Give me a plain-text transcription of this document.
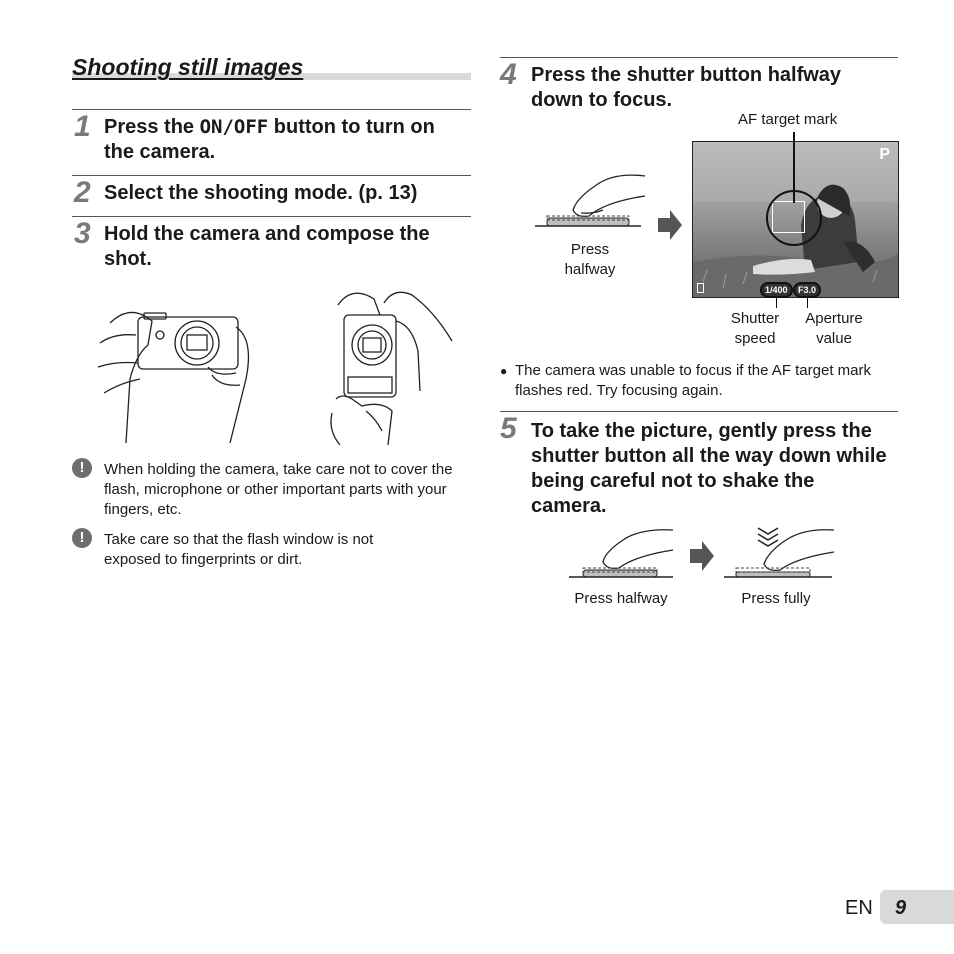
Shooting still images
1 Press the ON/OFF button to turn on the camera.
2 Select the shooting mode. (p. 13)
3 Hold the camera and compose the shot.
!	When holding the camera, take care not to cover the flash, microphone or other important parts with your fingers, etc.
!	Take care so that the flash window is not exposed to fingerprints or dirt.
4 Press the shutter button halfway down to focus.
AF target mark
Press halfway
P
1/400	F3.0
Shutter speed
Aperture value
● The camera was unable to focus if the AF target mark flashes red. Try focusing again.
5 To take the picture, gently press the shutter button all the way down while being careful not to shake the camera.
Press halfway	Press fully
EN 9
